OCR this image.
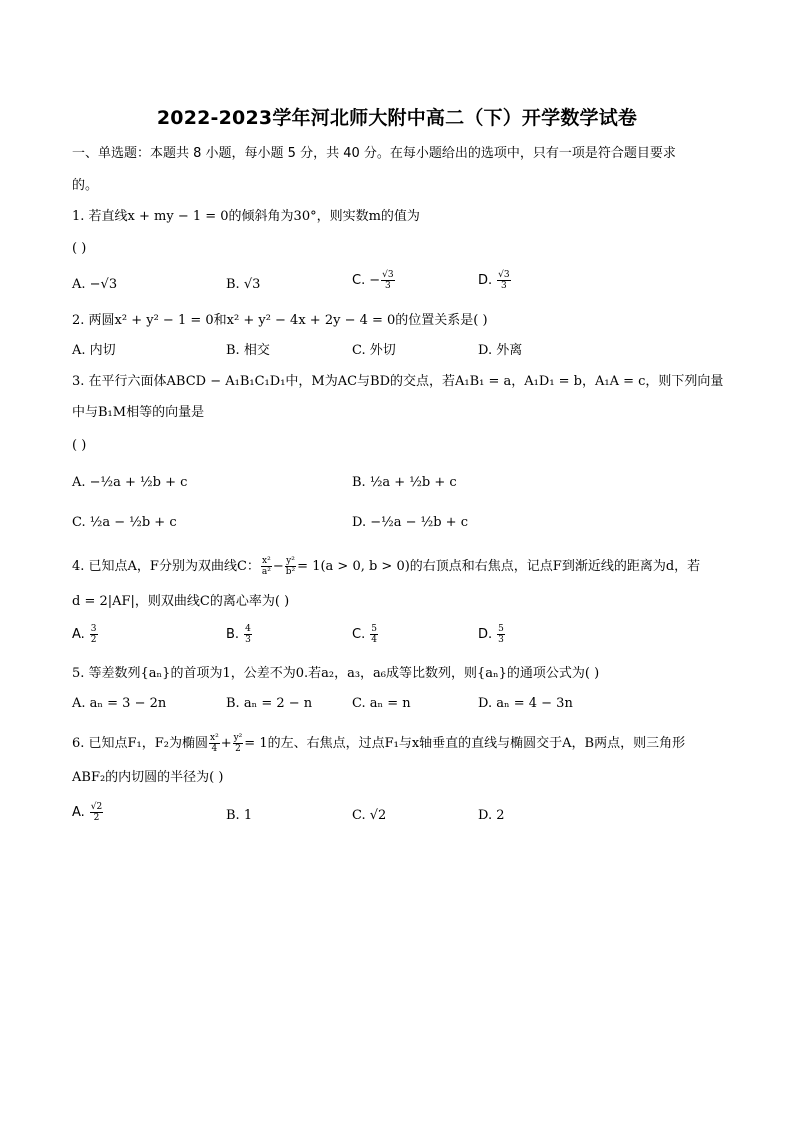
2022-2023学年河北师大附中高二（下）开学数学试卷
一、单选题：本题共 8 小题，每小题 5 分，共 40 分。在每小题给出的选项中，只有一项是符合题目要求
的。
1. 若直线x + my − 1 = 0的倾斜角为30°，则实数m的值为
( )
A. −√3	B. √3	C. − $\frac{√3}{3}$	D. $\frac{√3}{3}$
2. 两圆x² + y² − 1 = 0和x² + y² − 4x + 2y − 4 = 0的位置关系是( )
A. 内切	B. 相交	C. 外切	D. 外离
3. 在平行六面体ABCD − A₁B₁C₁D₁中，M为AC与BD的交点，若A₁B₁ = a，A₁D₁ = b，A₁A = c，则下列向量
中与B₁M相等的向量是
( )
A. −½a + ½b + c	B. ½a + ½b + c
C. ½a − ½b + c	D. −½a − ½b + c
4. 已知点A，F分别为双曲线C： $\frac{\text{x²}}{\text{a²}} - \frac{\text{y²}}{\text{b²}} = 1(a > 0$, b > 0)的右顶点和右焦点，记点F到渐近线的距离为d，若
d = 2|AF|，则双曲线C的离心率为( )
A. $\frac{3}{2}$	B. $\frac{4}{3}$	C. $\frac{5}{4}$	D. $\frac{5}{3}$
5. 等差数列{aₙ}的首项为1，公差不为0.若a₂，a₃，a₆成等比数列，则{aₙ}的通项公式为( )
A. aₙ = 3 − 2n	B. aₙ = 2 − n	C. aₙ = n	D. aₙ = 4 − 3n
6. 已知点F₁，F₂为椭圆 $\frac{\text{x²}}{4} + \frac{\text{y²}}{2} = 1$的左、右焦点，过点F₁与x轴垂直的直线与椭圆交于A，B两点，则三角形
ABF₂的内切圆的半径为( )
A. $\frac{√2}{2}$	B. 1	C. √2	D. 2
